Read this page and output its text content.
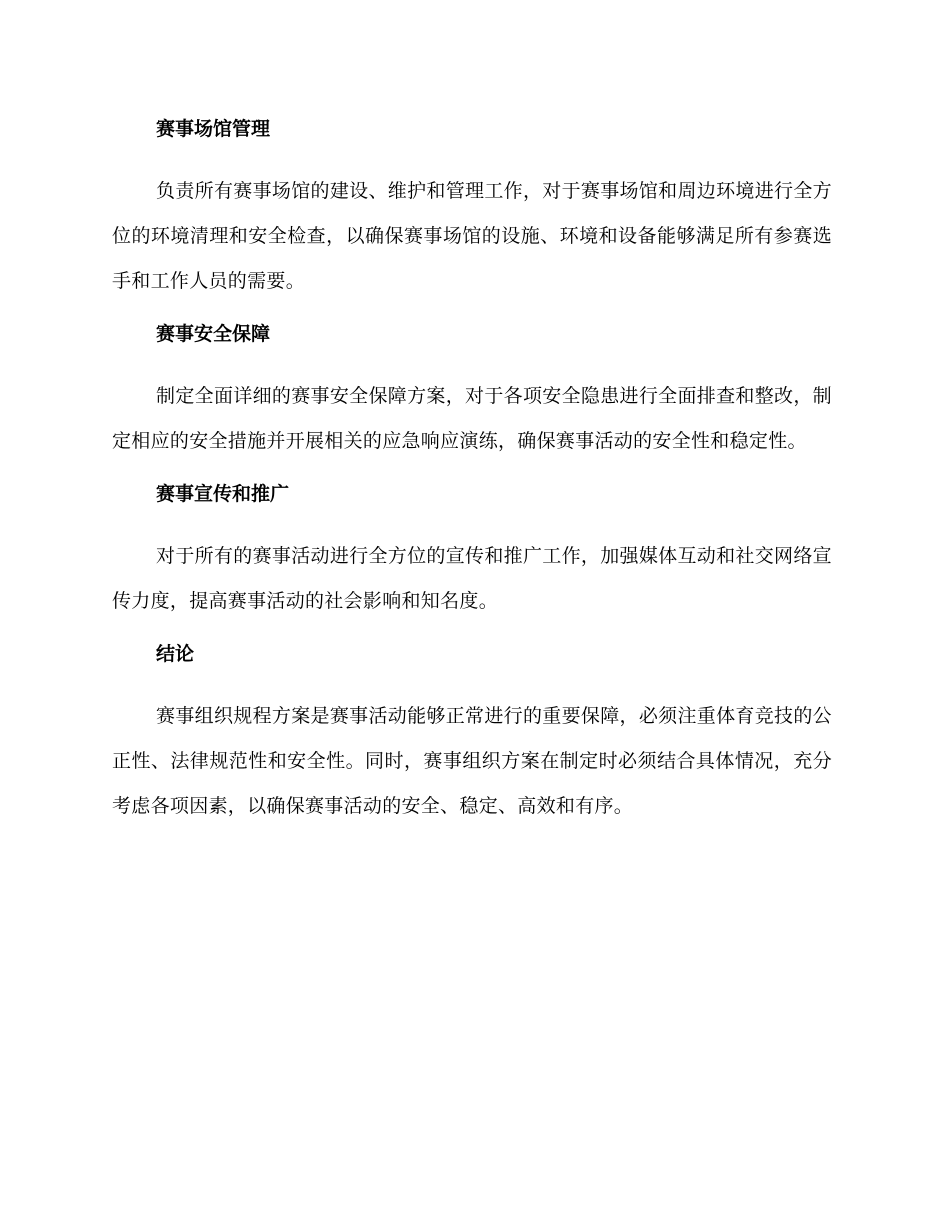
赛事场馆管理

负责所有赛事场馆的建设、维护和管理工作，对于赛事场馆和周边环境进行全方位的环境清理和安全检查，以确保赛事场馆的设施、环境和设备能够满足所有参赛选手和工作人员的需要。

赛事安全保障

制定全面详细的赛事安全保障方案，对于各项安全隐患进行全面排查和整改，制定相应的安全措施并开展相关的应急响应演练，确保赛事活动的安全性和稳定性。

赛事宣传和推广

对于所有的赛事活动进行全方位的宣传和推广工作，加强媒体互动和社交网络宣传力度，提高赛事活动的社会影响和知名度。

结论

赛事组织规程方案是赛事活动能够正常进行的重要保障，必须注重体育竞技的公正性、法律规范性和安全性。同时，赛事组织方案在制定时必须结合具体情况，充分考虑各项因素，以确保赛事活动的安全、稳定、高效和有序。
